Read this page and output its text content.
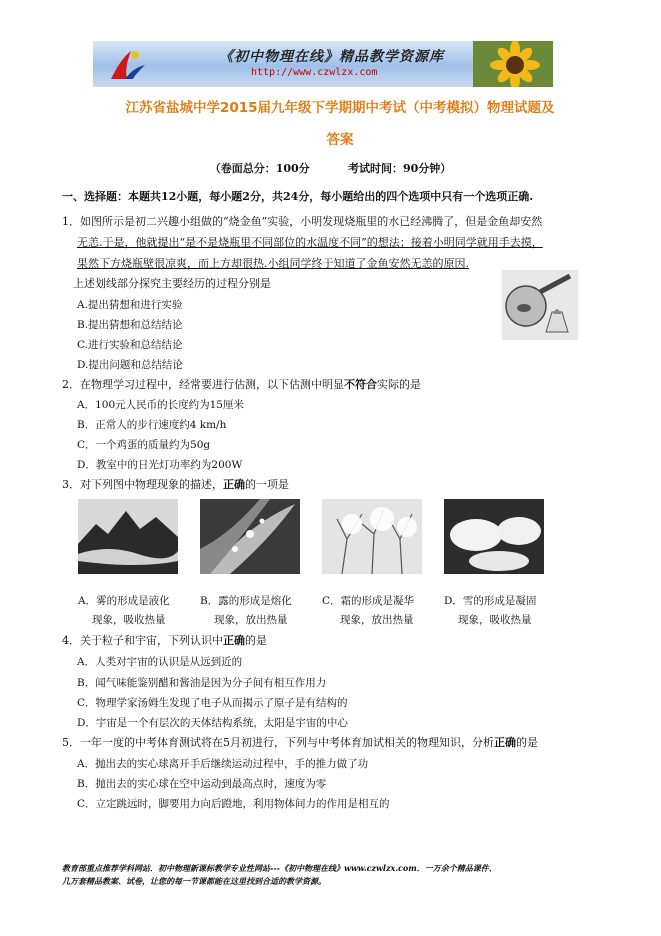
《初中物理在线》精品教学资源库
http://www.czwlzx.com
江苏省盐城中学2015届九年级下学期期中考试（中考模拟）物理试题及
答案
（卷面总分：100分          考试时间：90分钟）
一、选择题：本题共12小题，每小题2分，共24分，每小题给出的四个选项中只有一个选项正确.
1．如图所示是初二兴趣小组做的“烧金鱼”实验，小明发现烧瓶里的水已经沸腾了，但是金鱼却安然
无恙.于是，他就提出“是不是烧瓶里不同部位的水温度不同”的想法；接着小明同学就用手去摸，
果然下方烧瓶壁很凉爽，而上方却很热.小组同学终于知道了金鱼安然无恙的原因.
上述划线部分探究主要经历的过程分别是
A.提出猜想和进行实验
B.提出猜想和总结结论
C.进行实验和总结结论
D.提出问题和总结结论
2．在物理学习过程中，经常要进行估测，以下估测中明显不符合实际的是
A．100元人民币的长度约为15厘米
B．正常人的步行速度约4 km/h
C．一个鸡蛋的质量约为50g
D．教室中的日光灯功率约为200W
3．对下列图中物理现象的描述，正确的一项是
A．雾的形成是液化
现象，吸收热量
B．露的形成是熔化
现象，放出热量
C．霜的形成是凝华
现象，放出热量
D．雪的形成是凝固
现象，吸收热量
4．关于粒子和宇宙，下列认识中正确的是
A．人类对宇宙的认识是从远到近的
B．闻气味能鉴别醋和酱油是因为分子间有相互作用力
C．物理学家汤姆生发现了电子从而揭示了原子是有结构的
D．宇宙是一个有层次的天体结构系统，太阳是宇宙的中心
5．一年一度的中考体育测试将在5月初进行，下列与中考体育加试相关的物理知识，分析正确的是
A．抛出去的实心球离开手后继续运动过程中，手的推力做了功
B．抛出去的实心球在空中运动到最高点时，速度为零
C．立定跳远时，脚要用力向后蹬地，利用物体间力的作用是相互的
教育部重点推荐学科网站．初中物理新课标教学专业性网站---《初中物理在线》www.czwlzx.com．一万余个精品课件、
几万套精品教案、试卷，让您的每一节课都能在这里找到合适的教学资源。
